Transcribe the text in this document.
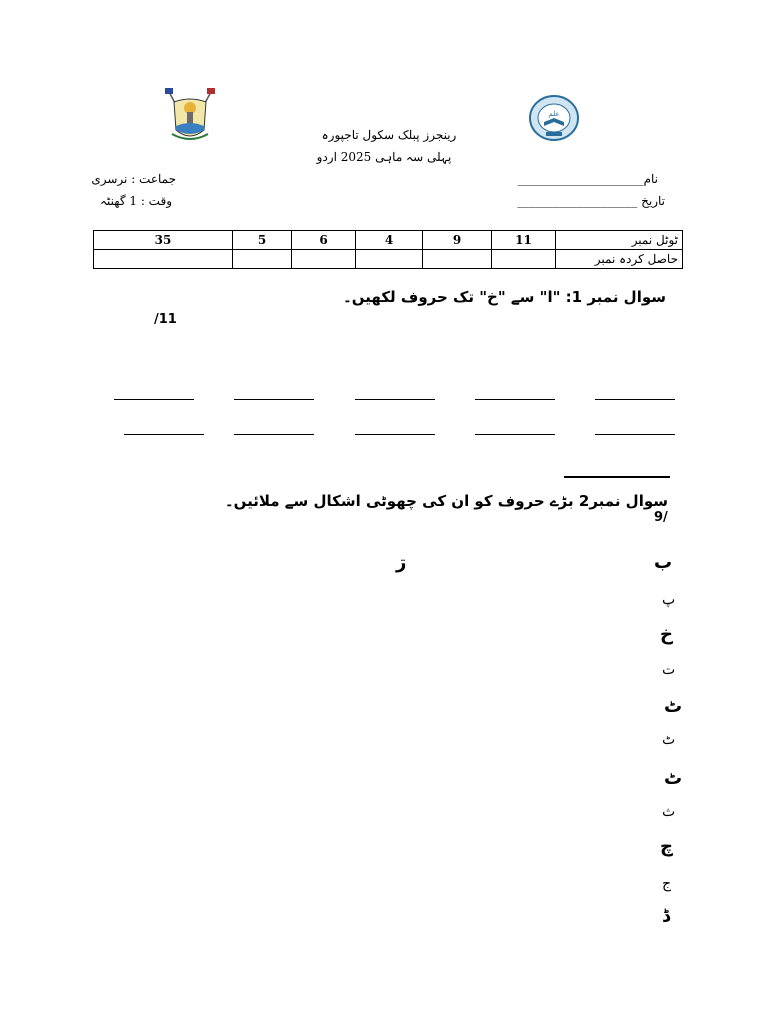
علم
رینجرز پبلک سکول تاجپورہ
پہلی سہ ماہی 2025 اردو
نام_____________________
تاریخ ____________________
جماعت : نرسری
وقت : 1 گھنٹہ
35	5	6	4	9	11	ٹوٹل نمبر
						حاصل کردہ نمبر
سوال نمبر 1: "ا" سے "خ" تک حروف لکھیں۔
/11
سوال نمبر2 بڑے حروف کو ان کی چھوٹی اشکال سے ملائیں۔
9/
ب
ڗ
پ
خ
ت
ٹ
ٹ
ٹ
ث
چ
ج
ڈ
